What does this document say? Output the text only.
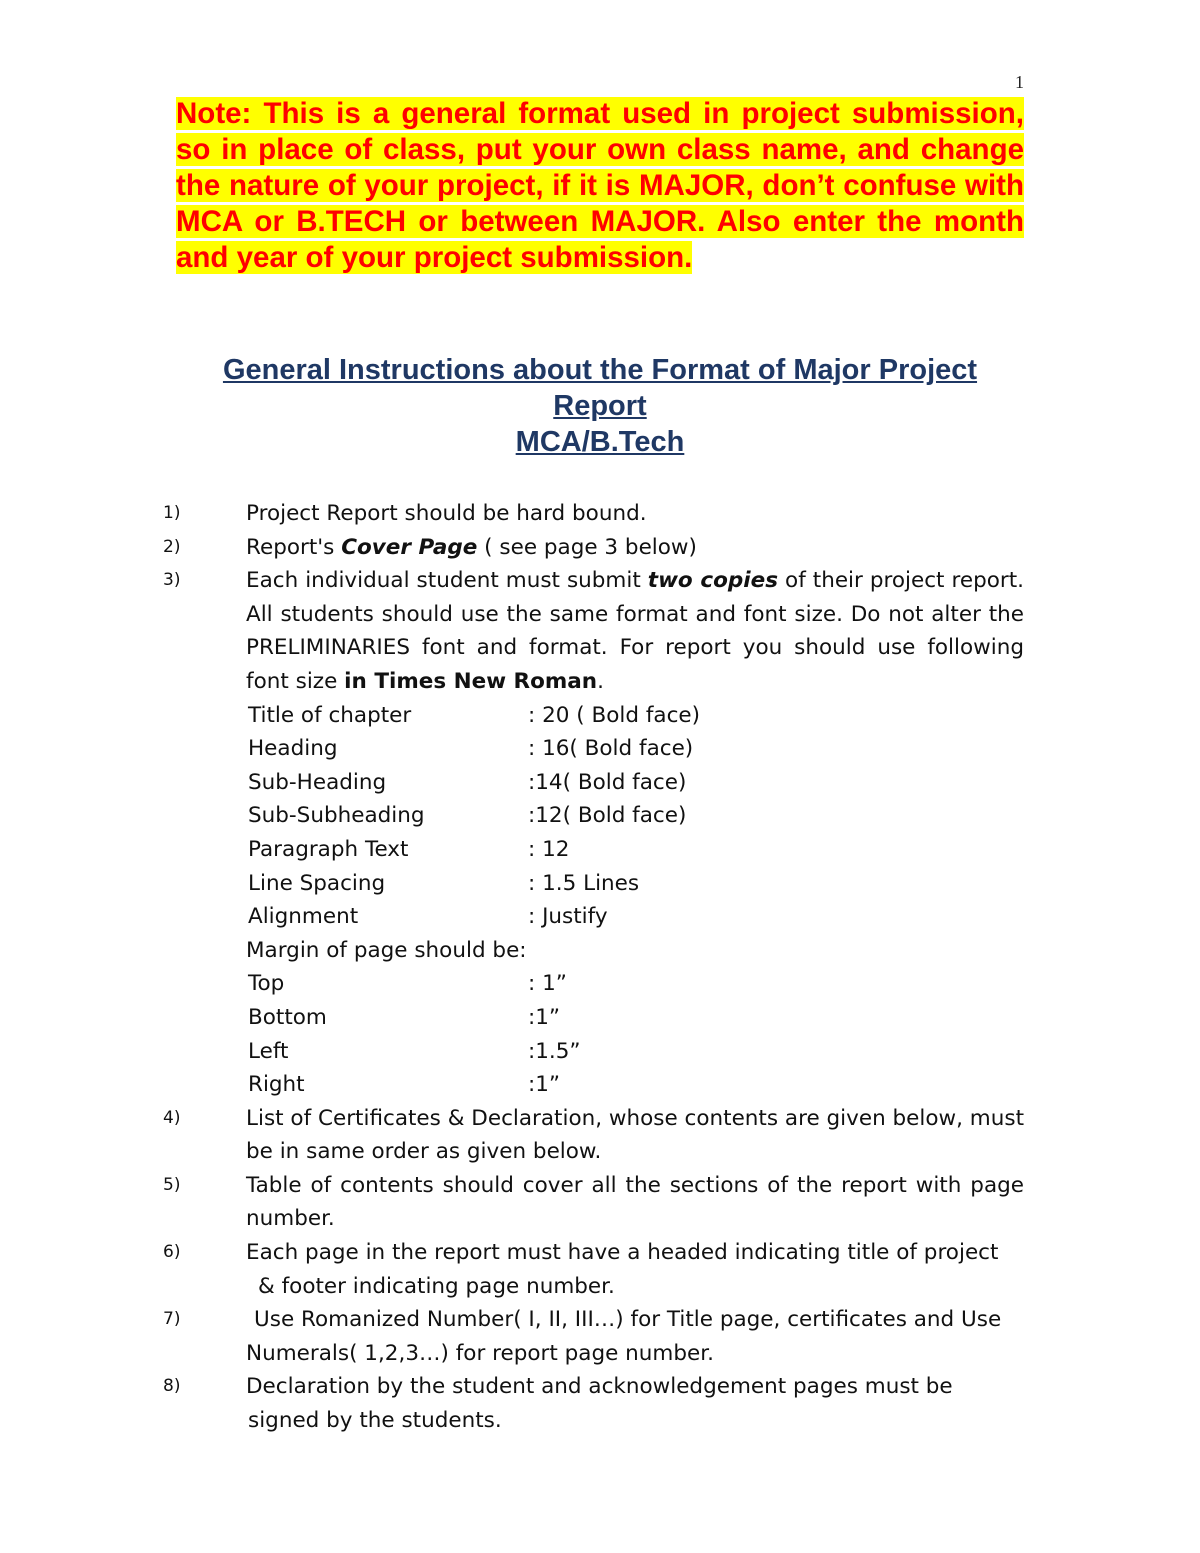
1
Note: This is a general format used in project submission, so in place of class, put your own class name, and change the nature of your project, if it is MAJOR, don’t confuse with MCA or B.TECH or between MAJOR. Also enter the month and year of your project submission.
General Instructions about the Format of Major Project
Report
MCA/B.Tech
1)	Project Report should be hard bound.
2)	Report's Cover Page ( see page 3 below)
3)	Each individual student must submit two copies of their project report. All students should use the same format and font size. Do not alter the PRELIMINARIES font and format. For report you should use following font size in Times New Roman.
Title of chapter	: 20 ( Bold face)
Heading	: 16( Bold face)
Sub-Heading	:14( Bold face)
Sub-Subheading	:12( Bold face)
Paragraph Text	: 12
Line Spacing	: 1.5 Lines
Alignment	: Justify
Margin of page should be:
Top	: 1”
Bottom	:1”
Left	:1.5”
Right	:1”
4)	List of Certificates & Declaration, whose contents are given below, must be in same order as given below.
5)	Table of contents should cover all the sections of the report with page number.
6)	Each page in the report must have a headed indicating title of project
& footer indicating page number.
7)	Use Romanized Number( I, II, III…) for Title page, certificates and Use
Numerals( 1,2,3…) for report page number.
8)	Declaration by the student and acknowledgement pages must be
signed by the students.
